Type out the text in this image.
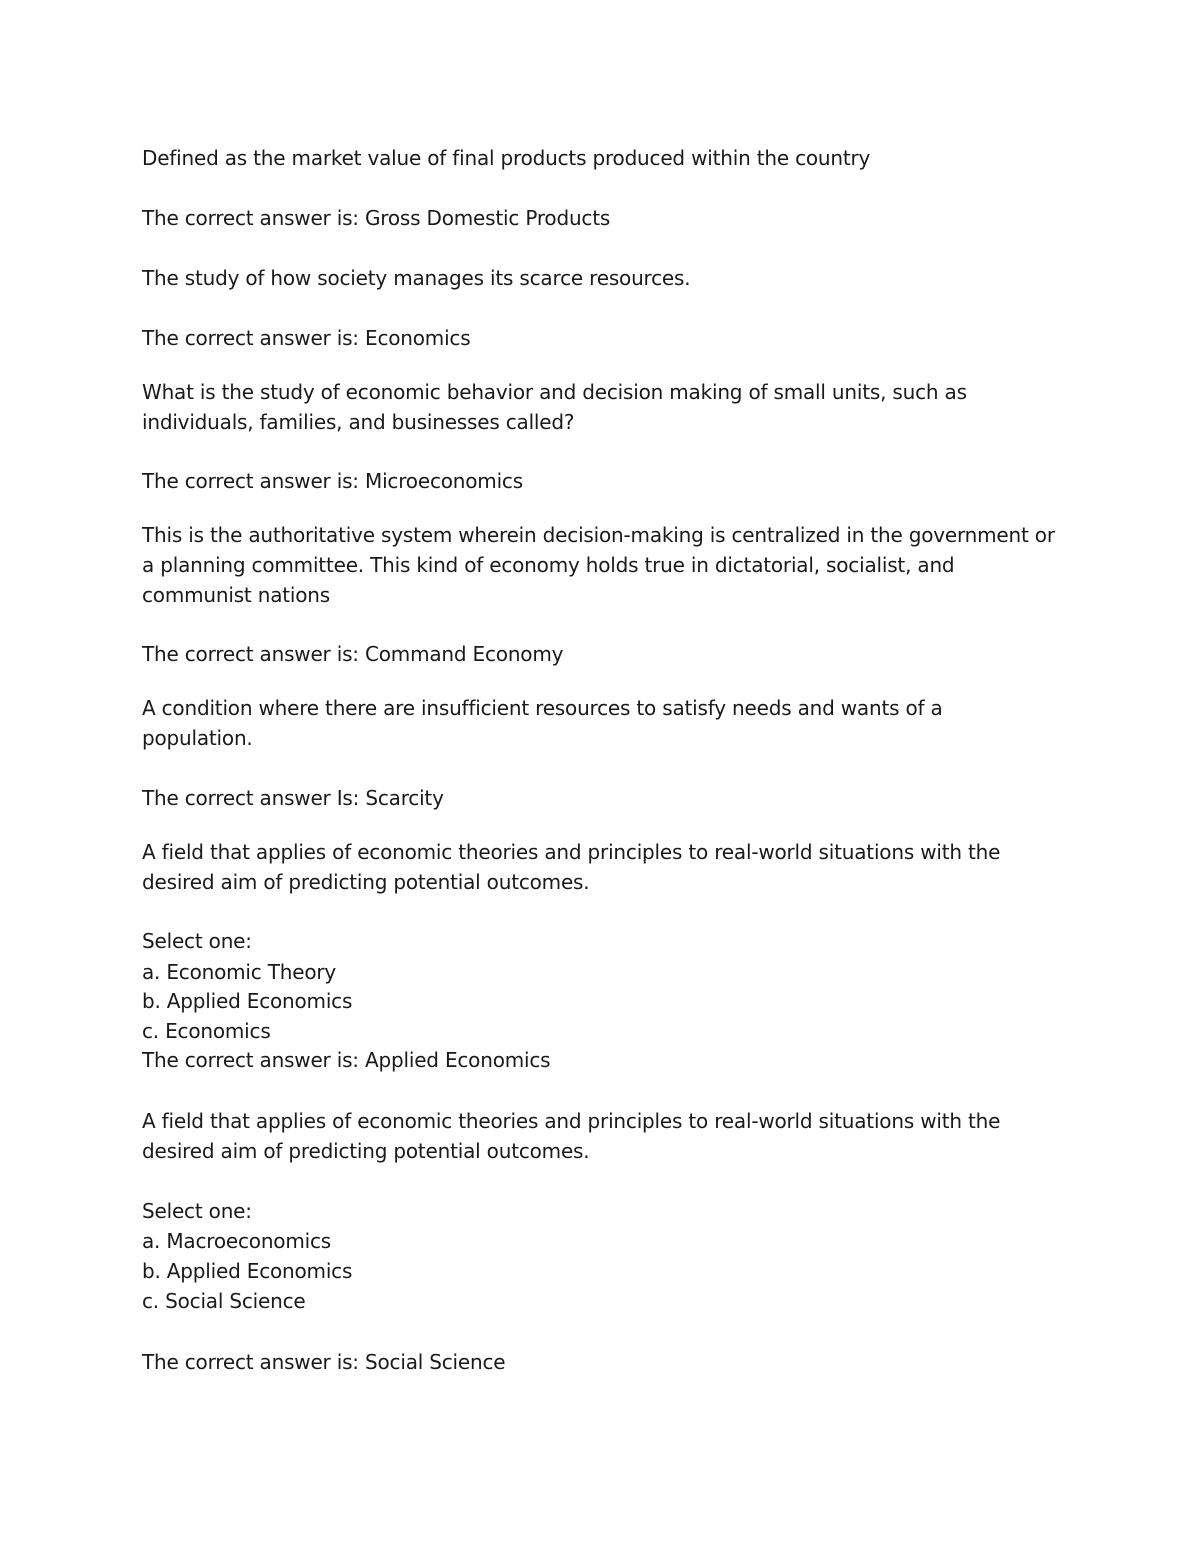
Defined as the market value of final products produced within the country
The correct answer is: Gross Domestic Products
The study of how society manages its scarce resources.
The correct answer is: Economics
What is the study of economic behavior and decision making of small units, such as
individuals, families, and businesses called?
The correct answer is: Microeconomics
This is the authoritative system wherein decision-making is centralized in the government or
a planning committee. This kind of economy holds true in dictatorial, socialist, and
communist nations
The correct answer is: Command Economy
A condition where there are insufficient resources to satisfy needs and wants of a
population.
The correct answer Is: Scarcity
A field that applies of economic theories and principles to real-world situations with the
desired aim of predicting potential outcomes.
Select one:
a. Economic Theory
b. Applied Economics
c. Economics
The correct answer is: Applied Economics
A field that applies of economic theories and principles to real-world situations with the
desired aim of predicting potential outcomes.
Select one:
a. Macroeconomics
b. Applied Economics
c. Social Science
The correct answer is: Social Science
